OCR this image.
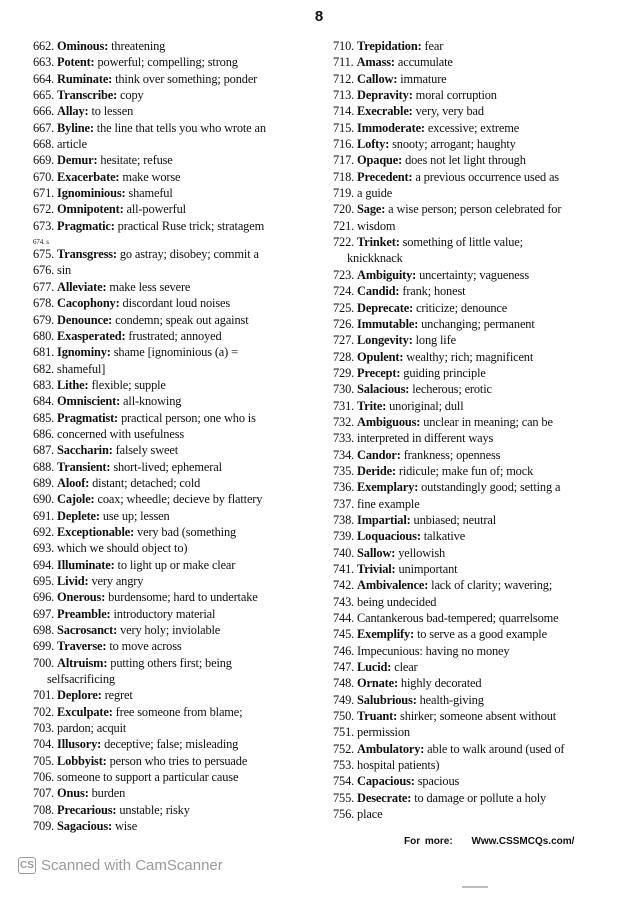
8
662. Ominous: threatening
663. Potent: powerful; compelling; strong
664. Ruminate: think over something; ponder
665. Transcribe: copy
666. Allay: to lessen
667. Byline: the line that tells you who wrote an
668. article
669. Demur: hesitate; refuse
670. Exacerbate: make worse
671. Ignominious: shameful
672. Omnipotent: all-powerful
673. Pragmatic: practical Ruse trick; stratagem
674. s
675. Transgress: go astray; disobey; commit a
676. sin
677. Alleviate: make less severe
678. Cacophony: discordant loud noises
679. Denounce: condemn; speak out against
680. Exasperated: frustrated; annoyed
681. Ignominy: shame [ignominious (a) =
682. shameful]
683. Lithe: flexible; supple
684. Omniscient: all-knowing
685. Pragmatist: practical person; one who is
686. concerned with usefulness
687. Saccharin: falsely sweet
688. Transient: short-lived; ephemeral
689. Aloof: distant; detached; cold
690. Cajole: coax; wheedle; decieve by flattery
691. Deplete: use up; lessen
692. Exceptionable: very bad (something
693. which we should object to)
694. Illuminate: to light up or make clear
695. Livid: very angry
696. Onerous: burdensome; hard to undertake
697. Preamble: introductory material
698. Sacrosanct: very holy; inviolable
699. Traverse: to move across
700. Altruism: putting others first; being
selfsacrificing
701. Deplore: regret
702. Exculpate: free someone from blame;
703. pardon; acquit
704. Illusory: deceptive; false; misleading
705. Lobbyist: person who tries to persuade
706. someone to support a particular cause
707. Onus: burden
708. Precarious: unstable; risky
709. Sagacious: wise
710. Trepidation: fear
711. Amass: accumulate
712. Callow: immature
713. Depravity: moral corruption
714. Execrable: very, very bad
715. Immoderate: excessive; extreme
716. Lofty: snooty; arrogant; haughty
717. Opaque: does not let light through
718. Precedent: a previous occurrence used as
719. a guide
720. Sage: a wise person; person celebrated for
721. wisdom
722. Trinket: something of little value;
knickknack
723. Ambiguity: uncertainty; vagueness
724. Candid: frank; honest
725. Deprecate: criticize; denounce
726. Immutable: unchanging; permanent
727. Longevity: long life
728. Opulent: wealthy; rich; magnificent
729. Precept: guiding principle
730. Salacious: lecherous; erotic
731. Trite: unoriginal; dull
732. Ambiguous: unclear in meaning; can be
733. interpreted in different ways
734. Candor: frankness; openness
735. Deride: ridicule; make fun of; mock
736. Exemplary: outstandingly good; setting a
737. fine example
738. Impartial: unbiased; neutral
739. Loquacious: talkative
740. Sallow: yellowish
741. Trivial: unimportant
742. Ambivalence: lack of clarity; wavering;
743. being undecided
744. Cantankerous bad-tempered; quarrelsome
745. Exemplify: to serve as a good example
746. Impecunious: having no money
747. Lucid: clear
748. Ornate: highly decorated
749. Salubrious: health-giving
750. Truant: shirker; someone absent without
751. permission
752. Ambulatory: able to walk around (used of
753. hospital patients)
754. Capacious: spacious
755. Desecrate: to damage or pollute a holy
756. place
For more: Www.CSSMCQs.com/
CS Scanned with CamScanner
